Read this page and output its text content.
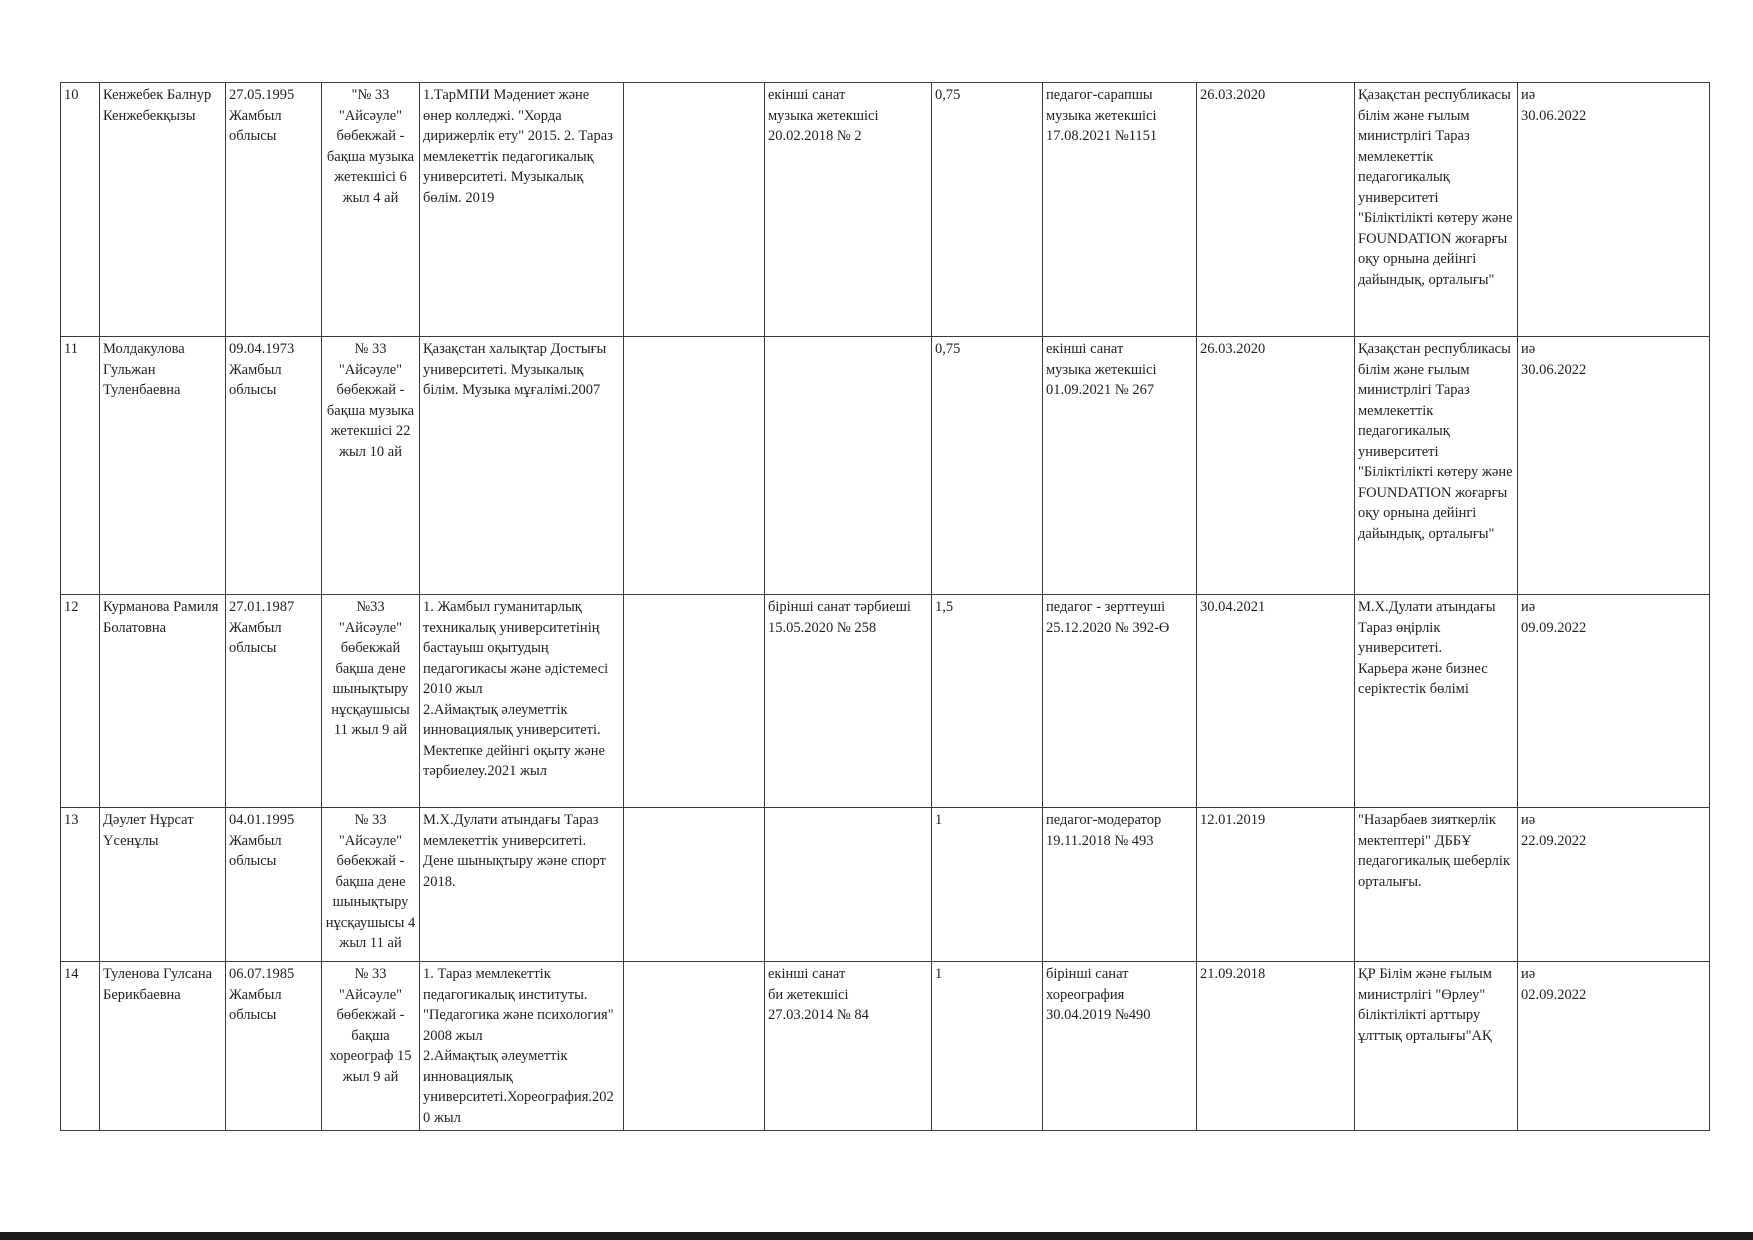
10	Кенжебек Балнур Кенжебекқызы	27.05.1995 Жамбыл облысы	"№ 33 "Айсәуле" бөбекжай - бақша музыка жетекшісі 6 жыл 4 ай	1.ТарМПИ Мәдениет және өнер колледжі. "Хорда дирижерлік ету" 2015. 2. Тараз мемлекеттік педагогикалық университеті. Музыкалық бөлім. 2019		екінші санат
музыка жетекшісі
20.02.2018 № 2	0,75	педагог-сарапшы
музыка жетекшісі
17.08.2021 №1151	26.03.2020	Қазақстан республикасы білім және ғылым министрлігі Тараз мемлекеттік педагогикалық университеті "Біліктілікті көтеру және FOUNDATION жоғарғы оқу орнына дейінгі дайындық, орталығы"	иә
30.06.2022
11	Молдакулова Гульжан Туленбаевна	09.04.1973 Жамбыл облысы	№ 33 "Айсәуле" бөбекжай - бақша музыка жетекшісі 22 жыл 10 ай	Қазақстан халықтар Достығы университеті. Музыкалық білім. Музыка мұғалімі.2007			0,75	екінші санат
музыка жетекшісі
01.09.2021 № 267	26.03.2020	Қазақстан республикасы білім және ғылым министрлігі Тараз мемлекеттік педагогикалық университеті "Біліктілікті көтеру және FOUNDATION жоғарғы оқу орнына дейінгі дайындық, орталығы"	иә
30.06.2022
12	Курманова Рамиля Болатовна	27.01.1987 Жамбыл облысы	№33 "Айсәуле" бөбекжай бақша дене шынықтыру нұсқаушысы 11 жыл 9 ай	1. Жамбыл гуманитарлық техникалық университетінің бастауыш оқытудың педагогикасы және әдістемесі 2010 жыл
2.Аймақтық әлеуметтік инновациялық университеті. Мектепке дейінгі оқыту және тәрбиелеу.2021 жыл		бірінші санат тәрбиеші
15.05.2020 № 258	1,5	педагог - зерттеуші
25.12.2020 № 392-Ө	30.04.2021	М.Х.Дулати атындағы Тараз өңірлік университеті.
Карьера және бизнес серіктестік бөлімі	иә
09.09.2022
13	Дәулет Нұрсат Үсенұлы	04.01.1995 Жамбыл облысы	№ 33 "Айсәуле" бөбекжай - бақша дене шынықтыру нұсқаушысы 4 жыл 11 ай	М.Х.Дулати атындағы Тараз мемлекеттік университеті. Дене шынықтыру және спорт 2018.			1	педагог-модератор
19.11.2018 № 493	12.01.2019	"Назарбаев зияткерлік мектептері" ДББҰ педагогикалық шеберлік орталығы.	иә
22.09.2022
14	Туленова Гулсана Берикбаевна	06.07.1985 Жамбыл облысы	№ 33 "Айсәуле" бөбекжай - бақша хореограф 15 жыл 9 ай	1. Тараз мемлекеттік педагогикалық институты. "Педагогика және психология" 2008 жыл
2.Аймақтық әлеуметтік инновациялық университеті.Хореография.2020 жыл		екінші санат
би жетекшісі
27.03.2014 № 84	1	бірінші санат
хореография
30.04.2019 №490	21.09.2018	ҚР Білім және ғылым министрлігі "Өрлеу" біліктілікті арттыру ұлттық орталығы"АҚ	иә
02.09.2022
